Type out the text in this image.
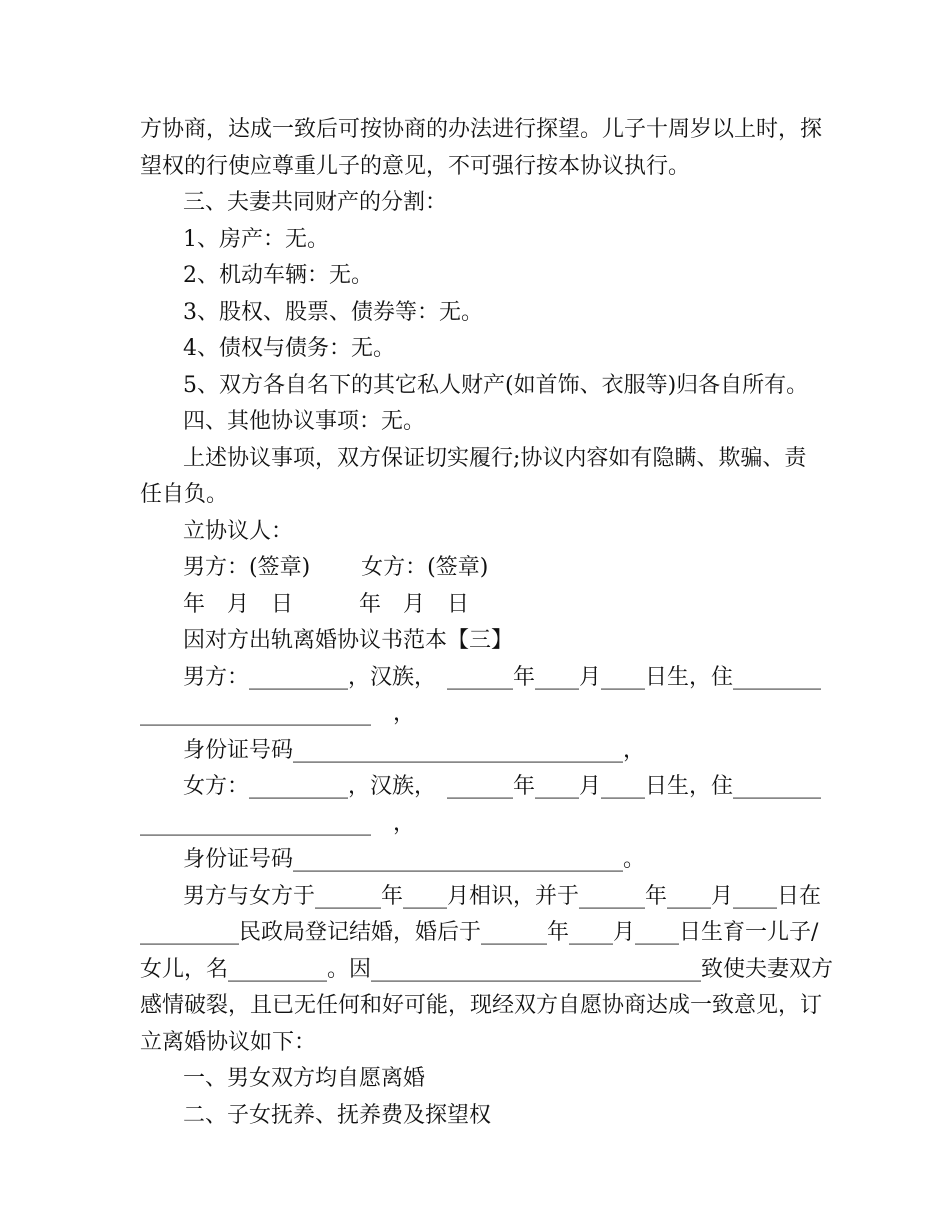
方协商，达成一致后可按协商的办法进行探望。儿子十周岁以上时，探
望权的行使应尊重儿子的意见，不可强行按本协议执行。
三、夫妻共同财产的分割：
1、房产：无。
2、机动车辆：无。
3、股权、股票、债券等：无。
4、债权与债务：无。
5、双方各自名下的其它私人财产(如首饰、衣服等)归各自所有。
四、其他协议事项：无。
上述协议事项，双方保证切实履行;协议内容如有隐瞒、欺骗、责
任自负。
立协议人：
男方：(签章)　　 女方：(签章)
年　月　日　　　年　月　日
因对方出轨离婚协议书范本【三】
男方：_________，汉族，　______年____月____日生，住________
_____________________　，
身份证号码______________________________，
女方：_________，汉族，　______年____月____日生，住________
_____________________　，
身份证号码______________________________。
男方与女方于______年____月相识，并于______年____月____日在
_________民政局登记结婚，婚后于______年____月____日生育一儿子/
女儿，名_________。因______________________________致使夫妻双方
感情破裂，且已无任何和好可能，现经双方自愿协商达成一致意见，订
立离婚协议如下：
一、男女双方均自愿离婚
二、子女抚养、抚养费及探望权
